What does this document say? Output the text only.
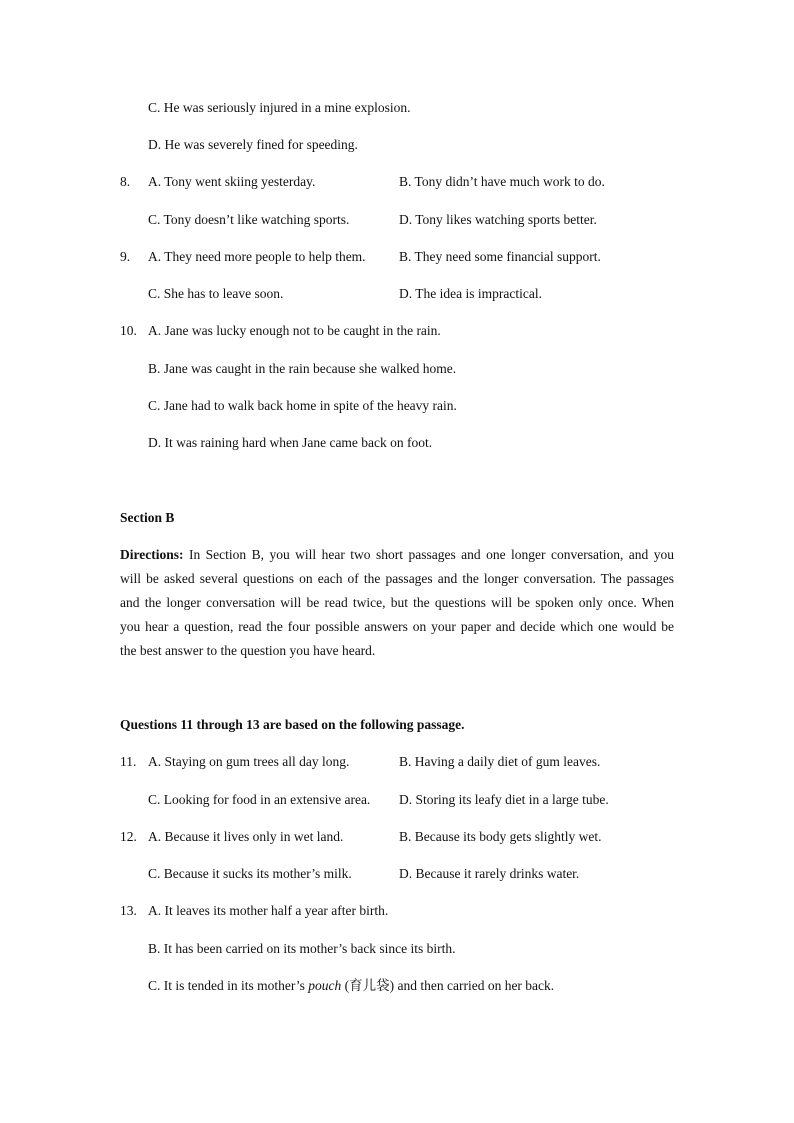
C. He was seriously injured in a mine explosion.
D. He was severely fined for speeding.
8. A. Tony went skiing yesterday.	B. Tony didn’t have much work to do.
C. Tony doesn’t like watching sports.	D. Tony likes watching sports better.
9. A. They need more people to help them. B. They need some financial support.
C. She has to leave soon.	D. The idea is impractical.
10. A. Jane was lucky enough not to be caught in the rain.
B. Jane was caught in the rain because she walked home.
C. Jane had to walk back home in spite of the heavy rain.
D. It was raining hard when Jane came back on foot.
Section B
Directions: In Section B, you will hear two short passages and one longer conversation, and you
will be asked several questions on each of the passages and the longer conversation. The passages
and the longer conversation will be read twice, but the questions will be spoken only once. When
you hear a question, read the four possible answers on your paper and decide which one would be
the best answer to the question you have heard.
Questions 11 through 13 are based on the following passage.
11. A. Staying on gum trees all day long.	B. Having a daily diet of gum leaves.
C. Looking for food in an extensive area. D. Storing its leafy diet in a large tube.
12. A. Because it lives only in wet land.	B. Because its body gets slightly wet.
C. Because it sucks its mother’s milk.	D. Because it rarely drinks water.
13. A. It leaves its mother half a year after birth.
B. It has been carried on its mother’s back since its birth.
C. It is tended in its mother’s pouch (育儿袋) and then carried on her back.
